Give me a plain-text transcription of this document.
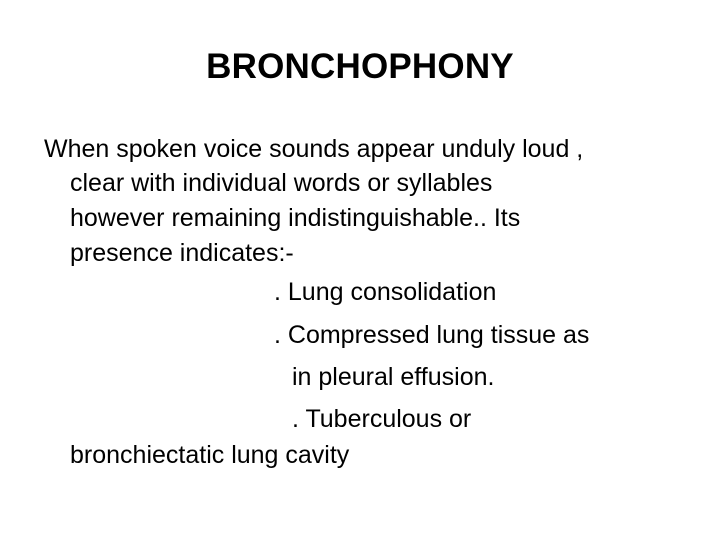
BRONCHOPHONY
When spoken voice sounds appear unduly loud ,
clear with individual words or syllables
however remaining indistinguishable.. Its
presence indicates:-
. Lung consolidation
. Compressed lung tissue as
in pleural effusion.
. Tuberculous or
bronchiectatic lung cavity
